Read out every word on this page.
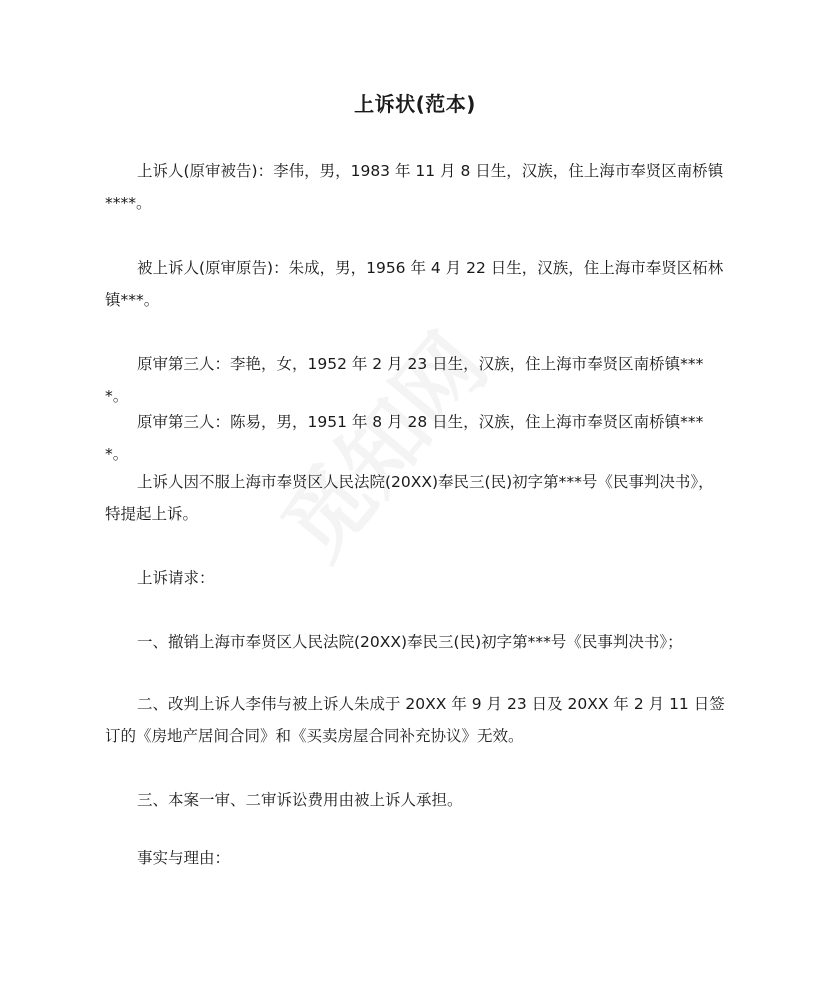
上诉状(范本)

上诉人(原审被告)：李伟，男，1983 年 11 月 8 日生，汉族，住上海市奉贤区南桥镇****。

被上诉人(原审原告)：朱成，男，1956 年 4 月 22 日生，汉族，住上海市奉贤区柘林镇***。

原审第三人：李艳，女，1952 年 2 月 23 日生，汉族，住上海市奉贤区南桥镇****。

原审第三人：陈易，男，1951 年 8 月 28 日生，汉族，住上海市奉贤区南桥镇****。

上诉人因不服上海市奉贤区人民法院(20XX)奉民三(民)初字第***号《民事判决书》，特提起上诉。

上诉请求：

一、撤销上海市奉贤区人民法院(20XX)奉民三(民)初字第***号《民事判决书》；

二、改判上诉人李伟与被上诉人朱成于 20XX 年 9 月 23 日及 20XX 年 2 月 11 日签订的《房地产居间合同》和《买卖房屋合同补充协议》无效。

三、本案一审、二审诉讼费用由被上诉人承担。

事实与理由：
